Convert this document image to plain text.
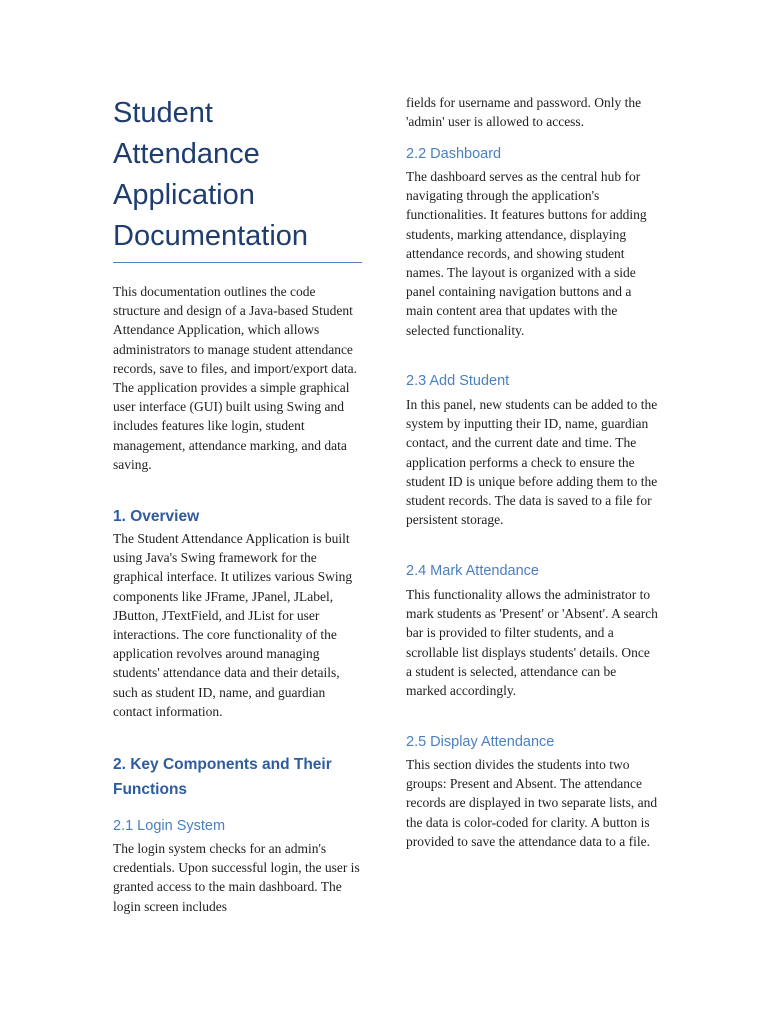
Student Attendance Application Documentation

This documentation outlines the code structure and design of a Java-based Student Attendance Application, which allows administrators to manage student attendance records, save to files, and import/export data. The application provides a simple graphical user interface (GUI) built using Swing and includes features like login, student management, attendance marking, and data saving.

1. Overview

The Student Attendance Application is built using Java's Swing framework for the graphical interface. It utilizes various Swing components like JFrame, JPanel, JLabel, JButton, JTextField, and JList for user interactions. The core functionality of the application revolves around managing students' attendance data and their details, such as student ID, name, and guardian contact information.

2. Key Components and Their Functions
2.1 Login System

The login system checks for an admin's credentials. Upon successful login, the user is granted access to the main dashboard. The login screen includes

fields for username and password. Only the 'admin' user is allowed to access.

2.2 Dashboard

The dashboard serves as the central hub for navigating through the application's functionalities. It features buttons for adding students, marking attendance, displaying attendance records, and showing student names. The layout is organized with a side panel containing navigation buttons and a main content area that updates with the selected functionality.

2.3 Add Student

In this panel, new students can be added to the system by inputting their ID, name, guardian contact, and the current date and time. The application performs a check to ensure the student ID is unique before adding them to the student records. The data is saved to a file for persistent storage.

2.4 Mark Attendance

This functionality allows the administrator to mark students as 'Present' or 'Absent'. A search bar is provided to filter students, and a scrollable list displays students' details. Once a student is selected, attendance can be marked accordingly.

2.5 Display Attendance

This section divides the students into two groups: Present and Absent. The attendance records are displayed in two separate lists, and the data is color-coded for clarity. A button is provided to save the attendance data to a file.
